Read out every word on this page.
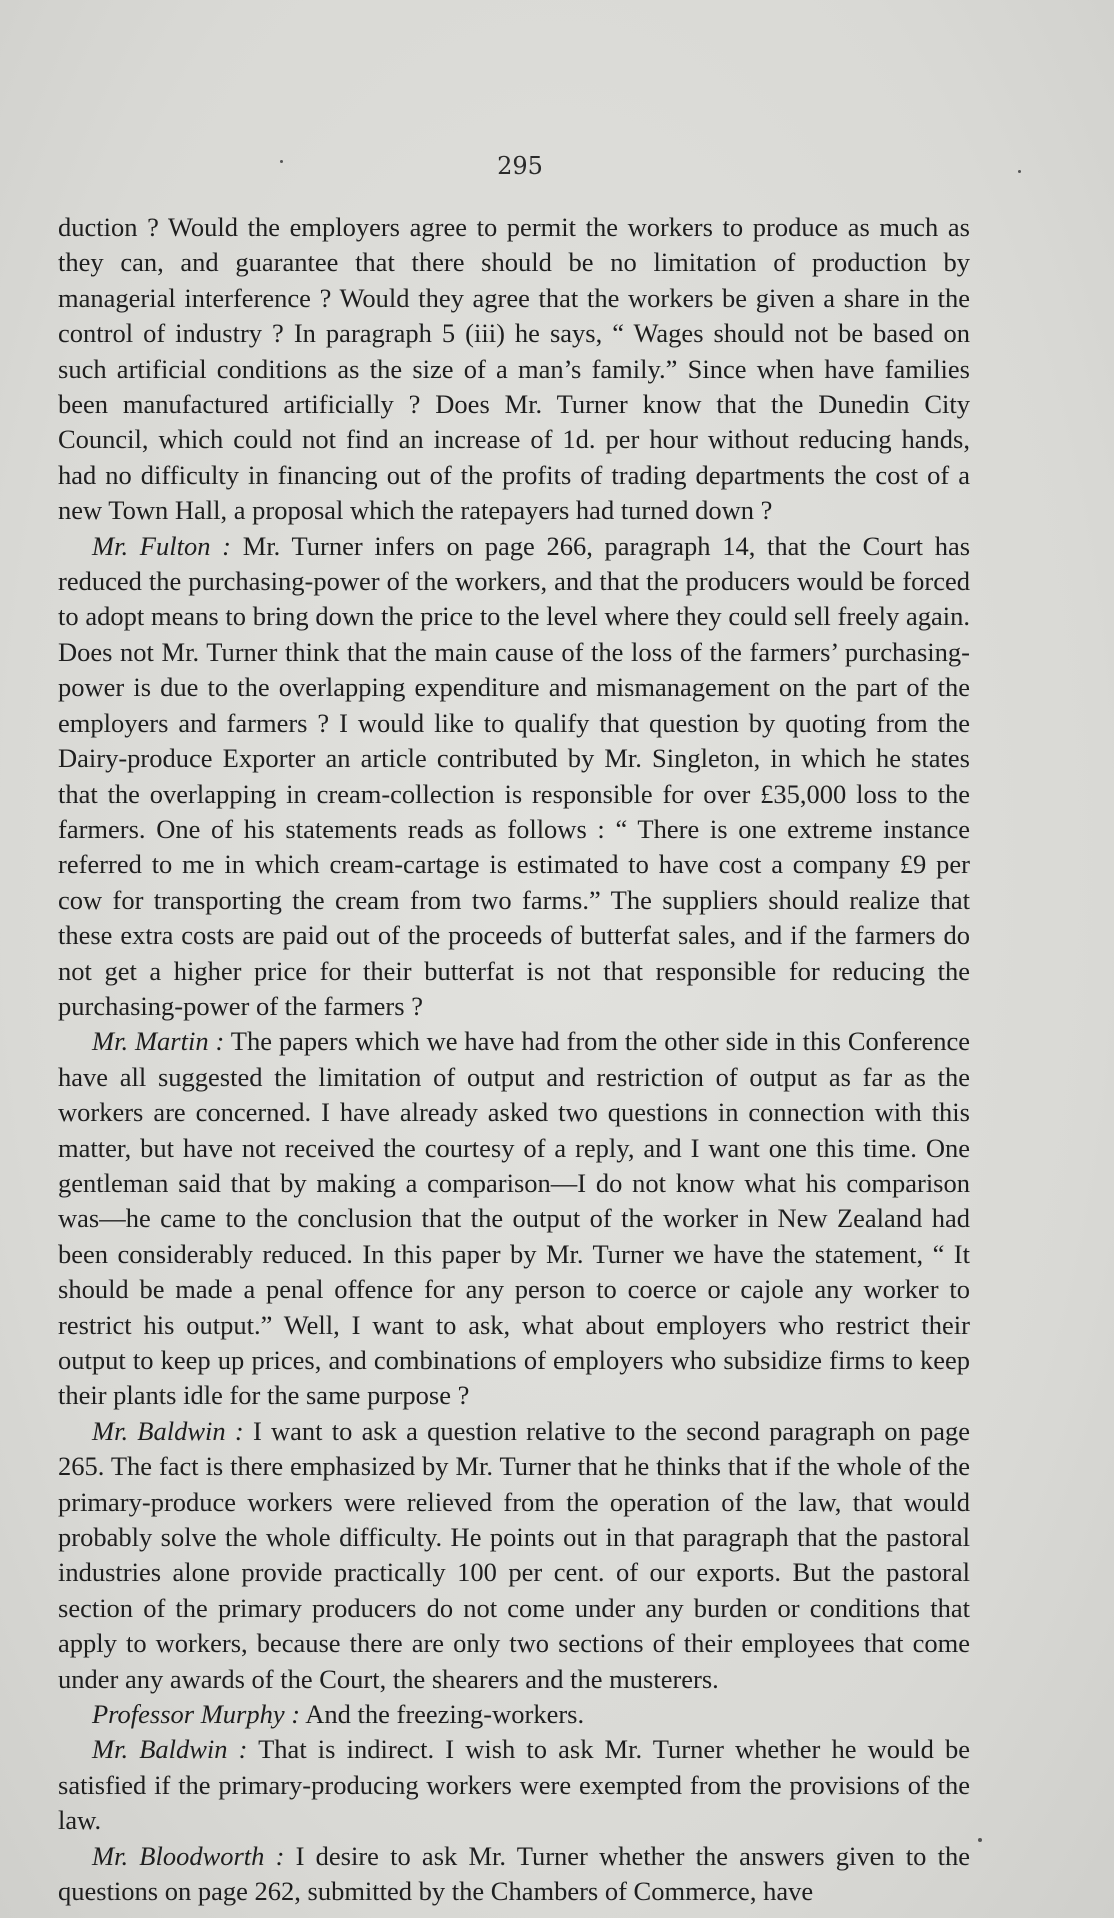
295

duction ? Would the employers agree to permit the workers to produce as much as they can, and guarantee that there should be no limitation of production by managerial interference ? Would they agree that the workers be given a share in the control of industry ? In paragraph 5 (iii) he says, “ Wages should not be based on such artificial conditions as the size of a man’s family.” Since when have families been manufactured artificially ? Does Mr. Turner know that the Dunedin City Council, which could not find an increase of 1d. per hour without reducing hands, had no difficulty in financing out of the profits of trading departments the cost of a new Town Hall, a proposal which the ratepayers had turned down ?

Mr. Fulton : Mr. Turner infers on page 266, paragraph 14, that the Court has reduced the purchasing-power of the workers, and that the producers would be forced to adopt means to bring down the price to the level where they could sell freely again. Does not Mr. Turner think that the main cause of the loss of the farmers’ purchasing-power is due to the overlapping expenditure and mismanagement on the part of the employers and farmers ? I would like to qualify that question by quoting from the Dairy-produce Exporter an article contributed by Mr. Singleton, in which he states that the overlapping in cream-collection is responsible for over £35,000 loss to the farmers. One of his statements reads as follows : “ There is one extreme instance referred to me in which cream-cartage is estimated to have cost a company £9 per cow for transporting the cream from two farms.” The suppliers should realize that these extra costs are paid out of the proceeds of butterfat sales, and if the farmers do not get a higher price for their butterfat is not that responsible for reducing the purchasing-power of the farmers ?

Mr. Martin : The papers which we have had from the other side in this Conference have all suggested the limitation of output and restriction of output as far as the workers are concerned. I have already asked two questions in connection with this matter, but have not received the courtesy of a reply, and I want one this time. One gentleman said that by making a comparison—I do not know what his comparison was—he came to the conclusion that the output of the worker in New Zealand had been considerably reduced. In this paper by Mr. Turner we have the statement, “ It should be made a penal offence for any person to coerce or cajole any worker to restrict his output.” Well, I want to ask, what about employers who restrict their output to keep up prices, and combinations of employers who subsidize firms to keep their plants idle for the same purpose ?

Mr. Baldwin : I want to ask a question relative to the second paragraph on page 265. The fact is there emphasized by Mr. Turner that he thinks that if the whole of the primary-produce workers were relieved from the operation of the law, that would probably solve the whole difficulty. He points out in that paragraph that the pastoral industries alone provide practically 100 per cent. of our exports. But the pastoral section of the primary producers do not come under any burden or conditions that apply to workers, because there are only two sections of their employees that come under any awards of the Court, the shearers and the musterers.

Professor Murphy : And the freezing-workers.

Mr. Baldwin : That is indirect. I wish to ask Mr. Turner whether he would be satisfied if the primary-producing workers were exempted from the provisions of the law.

Mr. Bloodworth : I desire to ask Mr. Turner whether the answers given to the questions on page 262, submitted by the Chambers of Commerce, have
